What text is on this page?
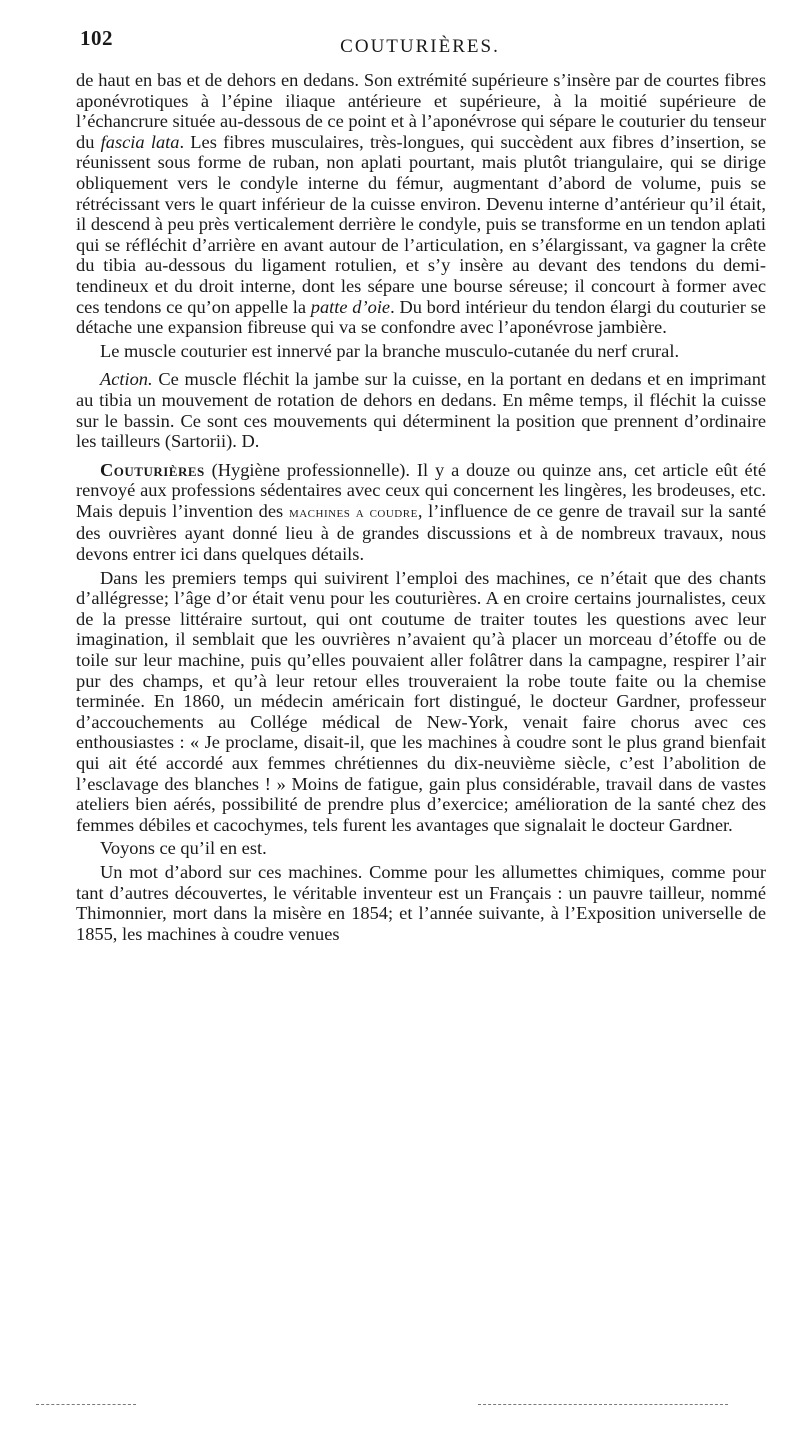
102	COUTURIÈRES.

de haut en bas et de dehors en dedans. Son extrémité supérieure s’insère par de courtes fibres aponévrotiques à l’épine iliaque antérieure et supérieure, à la moitié supérieure de l’échancrure située au-dessous de ce point et à l’aponévrose qui sépare le couturier du tenseur du fascia lata. Les fibres musculaires, très-longues, qui succèdent aux fibres d’insertion, se réunissent sous forme de ruban, non aplati pourtant, mais plutôt triangulaire, qui se dirige obliquement vers le condyle interne du fémur, augmentant d’abord de volume, puis se rétrécissant vers le quart inférieur de la cuisse environ. Devenu interne d’antérieur qu’il était, il descend à peu près verticalement derrière le condyle, puis se transforme en un tendon aplati qui se réfléchit d’arrière en avant autour de l’articulation, en s’élargissant, va gagner la crête du tibia au-dessous du ligament rotulien, et s’y insère au devant des tendons du demi-tendineux et du droit interne, dont les sépare une bourse séreuse; il concourt à former avec ces tendons ce qu’on appelle la patte d’oie. Du bord intérieur du tendon élargi du couturier se détache une expansion fibreuse qui va se confondre avec l’aponévrose jambière.

Le muscle couturier est innervé par la branche musculo-cutanée du nerf crural.

Action. Ce muscle fléchit la jambe sur la cuisse, en la portant en dedans et en imprimant au tibia un mouvement de rotation de dehors en dedans. En même temps, il fléchit la cuisse sur le bassin. Ce sont ces mouvements qui déterminent la position que prennent d’ordinaire les tailleurs (Sartorii). D.

Couturières (Hygiène professionnelle). Il y a douze ou quinze ans, cet article eût été renvoyé aux professions sédentaires avec ceux qui concernent les lingères, les brodeuses, etc. Mais depuis l’invention des machines a coudre, l’influence de ce genre de travail sur la santé des ouvrières ayant donné lieu à de grandes discussions et à de nombreux travaux, nous devons entrer ici dans quelques détails.

Dans les premiers temps qui suivirent l’emploi des machines, ce n’était que des chants d’allégresse; l’âge d’or était venu pour les couturières. A en croire certains journalistes, ceux de la presse littéraire surtout, qui ont coutume de traiter toutes les questions avec leur imagination, il semblait que les ouvrières n’avaient qu’à placer un morceau d’étoffe ou de toile sur leur machine, puis qu’elles pouvaient aller folâtrer dans la campagne, respirer l’air pur des champs, et qu’à leur retour elles trouveraient la robe toute faite ou la chemise terminée. En 1860, un médecin américain fort distingué, le docteur Gardner, professeur d’accouchements au Collége médical de New-York, venait faire chorus avec ces enthousiastes : « Je proclame, disait-il, que les machines à coudre sont le plus grand bienfait qui ait été accordé aux femmes chrétiennes du dix-neuvième siècle, c’est l’abolition de l’esclavage des blanches ! » Moins de fatigue, gain plus considérable, travail dans de vastes ateliers bien aérés, possibilité de prendre plus d’exercice; amélioration de la santé chez des femmes débiles et cacochymes, tels furent les avantages que signalait le docteur Gardner.

Voyons ce qu’il en est.

Un mot d’abord sur ces machines. Comme pour les allumettes chimiques, comme pour tant d’autres découvertes, le véritable inventeur est un Français : un pauvre tailleur, nommé Thimonnier, mort dans la misère en 1854; et l’année suivante, à l’Exposition universelle de 1855, les machines à coudre venues
